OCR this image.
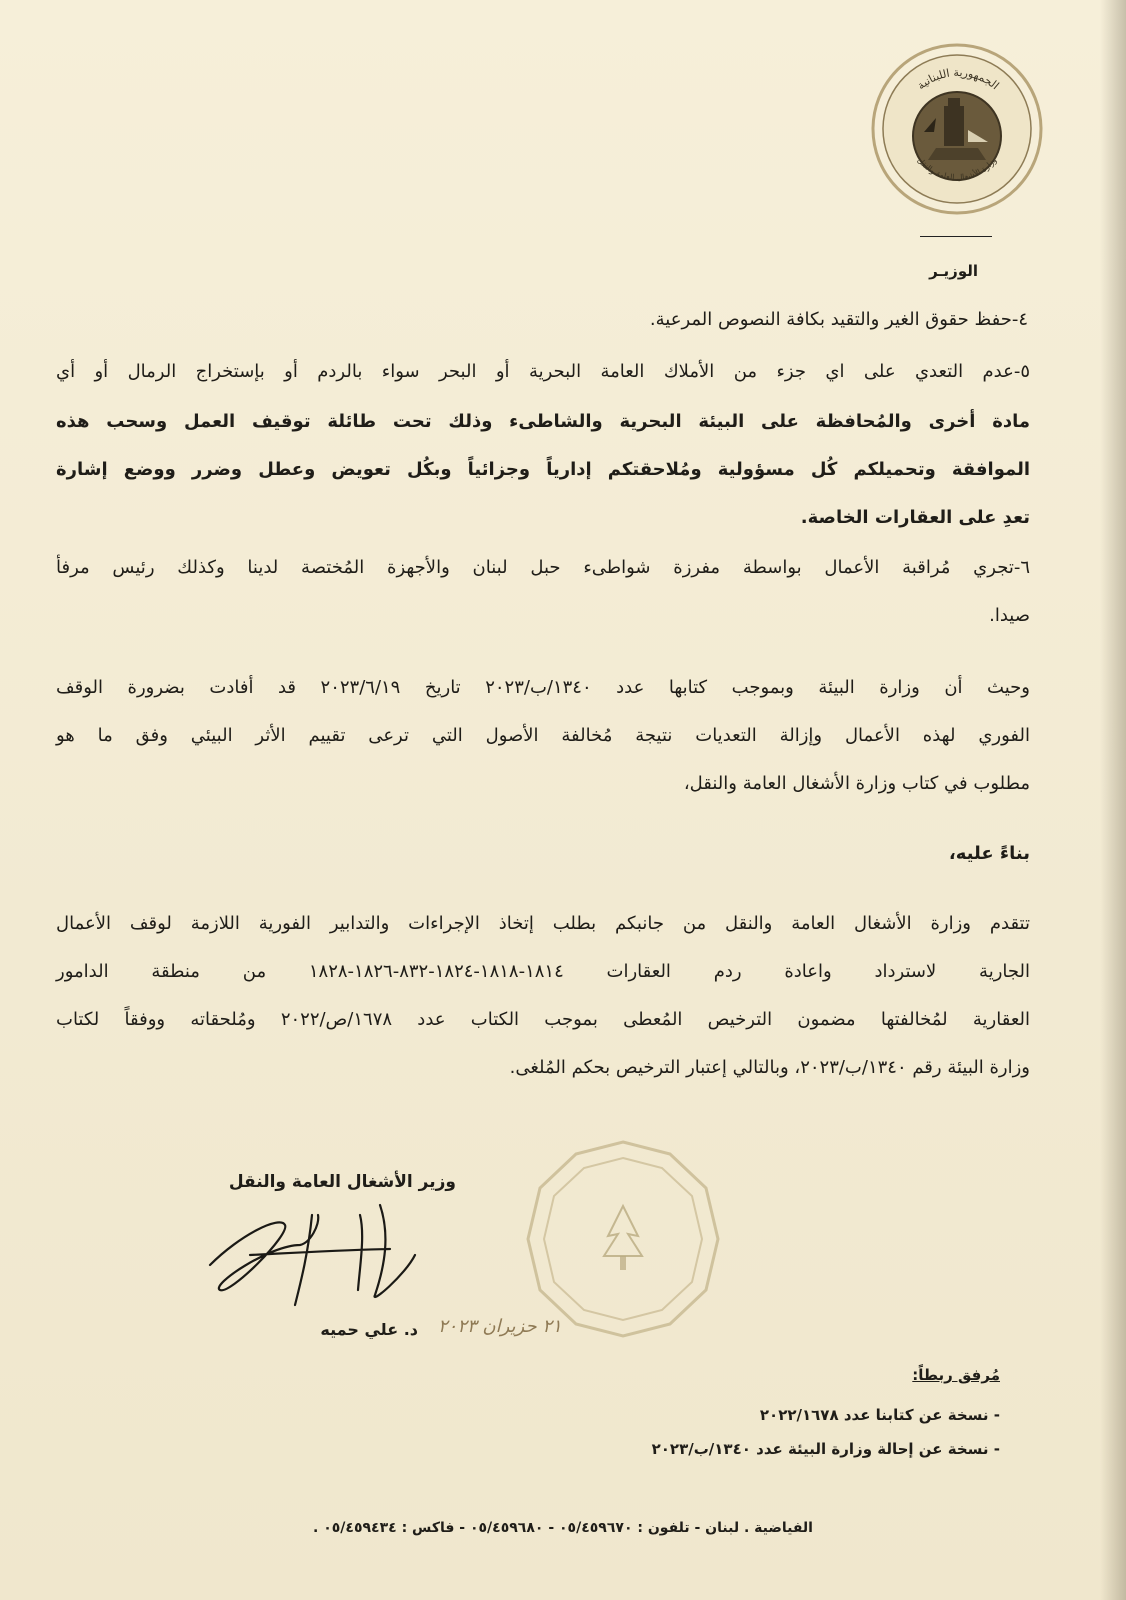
الجمهورية اللبنانية
وزارة الأشغال العامة والنقل
الوزيـر
٤-حفظ حقوق الغير والتقيد بكافة النصوص المرعية.
٥-عدم التعدي على اي جزء من الأملاك العامة البحرية أو البحر سواء بالردم أو بإستخراج الرمال أو أي
مادة أخرى والمُحافظة على البيئة البحرية والشاطىء وذلك تحت طائلة توقيف العمل وسحب هذه
الموافقة وتحميلكم كُل مسؤولية ومُلاحقتكم إدارياً وجزائياً وبكُل تعويض وعطل وضرر ووضع إشارة
تعدِ على العقارات الخاصة.
٦-تجري مُراقبة الأعمال بواسطة مفرزة شواطىء حبل لبنان والأجهزة المُختصة لدينا وكذلك رئيس مرفأ
صيدا.
وحيث أن وزارة البيئة وبموجب كتابها عدد ١٣٤٠/ب/٢٠٢٣ تاريخ ٢٠٢٣/٦/١٩ قد أفادت بضرورة الوقف
الفوري لهذه الأعمال وإزالة التعديات نتيجة مُخالفة الأصول التي ترعى تقييم الأثر البيئي وفق ما هو
مطلوب في كتاب وزارة الأشغال العامة والنقل،
بناءً عليه،
تتقدم وزارة الأشغال العامة والنقل من جانبكم بطلب إتخاذ الإجراءات والتدابير الفورية اللازمة لوقف الأعمال
الجارية لاسترداد واعادة ردم العقارات ١٨١٤-١٨١٨-١٨٢٤-٨٣٢-١٨٢٦-١٨٢٨ من منطقة الدامور
العقارية لمُخالفتها مضمون الترخيص المُعطى بموجب الكتاب عدد ١٦٧٨/ص/٢٠٢٢ ومُلحقاته ووفقاً لكتاب
وزارة البيئة رقم ١٣٤٠/ب/٢٠٢٣، وبالتالي إعتبار الترخيص بحكم المُلغى.
وزير الأشغال العامة والنقل
د. علي حميه ٢١ حزيران ٢٠٢٣
مُرفق ربطاً:
- نسخة عن كتابنا عدد ٢٠٢٢/١٦٧٨
- نسخة عن إحالة وزارة البيئة عدد ١٣٤٠/ب/٢٠٢٣
الفياضية . لبنان - تلفون : ٠٥/٤٥٩٦٧٠ - ٠٥/٤٥٩٦٨٠ - فاكس : ٠٥/٤٥٩٤٣٤ .
